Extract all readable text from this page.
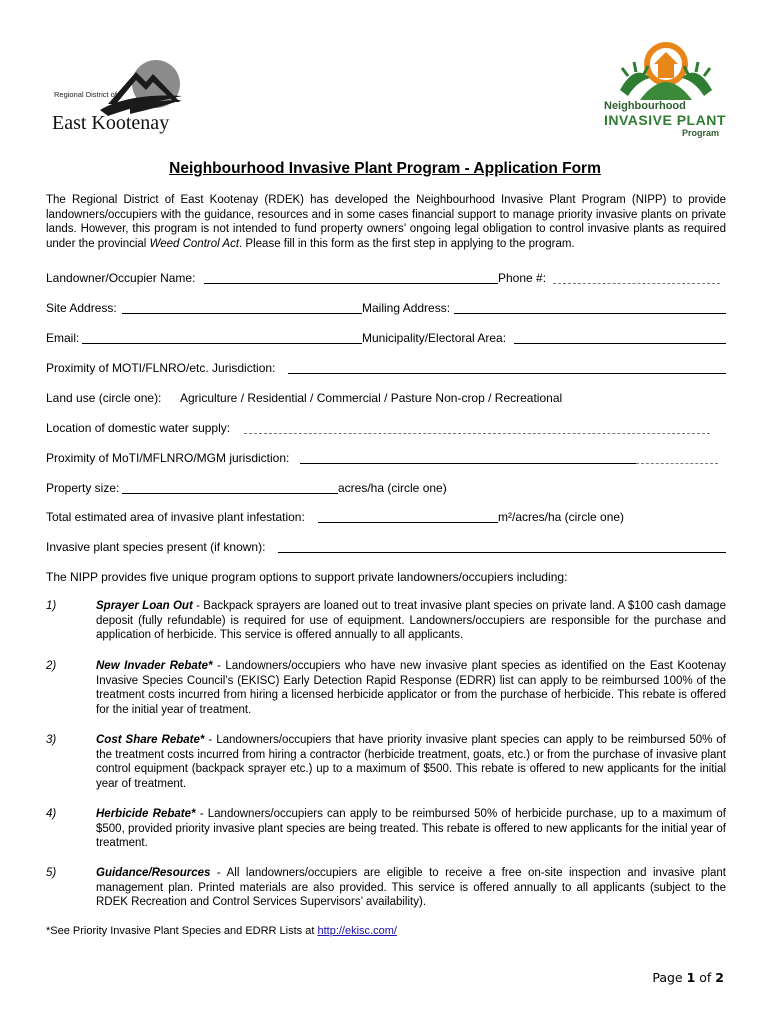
Regional District of
East Kootenay
Neighbourhood
INVASIVE PLANT
Program
Neighbourhood Invasive Plant Program - Application Form
The Regional District of East Kootenay (RDEK) has developed the Neighbourhood Invasive Plant Program (NIPP) to provide landowners/occupiers with the guidance, resources and in some cases financial support to manage priority invasive plants on private lands. However, this program is not intended to fund property owners’ ongoing legal obligation to control invasive plants as required under the provincial Weed Control Act. Please fill in this form as the first step in applying to the program.
Landowner/Occupier Name:	Phone #:
Site Address:	Mailing Address:
Email:	Municipality/Electoral Area:
Proximity of MOTI/FLNRO/etc. Jurisdiction:
Land use (circle one): Agriculture / Residential / Commercial / Pasture Non-crop / Recreational
Location of domestic water supply:
Proximity of MoTI/MFLNRO/MGM jurisdiction:
Property size:	acres/ha (circle one)
Total estimated area of invasive plant infestation:	m²/acres/ha (circle one)
Invasive plant species present (if known):
The NIPP provides five unique program options to support private landowners/occupiers including:
1)	Sprayer Loan Out - Backpack sprayers are loaned out to treat invasive plant species on private land. A $100 cash damage deposit (fully refundable) is required for use of equipment. Landowners/occupiers are responsible for the purchase and application of herbicide. This service is offered annually to all applicants.
2)	New Invader Rebate* - Landowners/occupiers who have new invasive plant species as identified on the East Kootenay Invasive Species Council’s (EKISC) Early Detection Rapid Response (EDRR) list can apply to be reimbursed 100% of the treatment costs incurred from hiring a licensed herbicide applicator or from the purchase of herbicide. This rebate is offered for the initial year of treatment.
3)	Cost Share Rebate* - Landowners/occupiers that have priority invasive plant species can apply to be reimbursed 50% of the treatment costs incurred from hiring a contractor (herbicide treatment, goats, etc.) or from the purchase of invasive plant control equipment (backpack sprayer etc.) up to a maximum of $500. This rebate is offered to new applicants for the initial year of treatment.
4)	Herbicide Rebate* - Landowners/occupiers can apply to be reimbursed 50% of herbicide purchase, up to a maximum of $500, provided priority invasive plant species are being treated. This rebate is offered to new applicants for the initial year of treatment.
5)	Guidance/Resources - All landowners/occupiers are eligible to receive a free on-site inspection and invasive plant management plan. Printed materials are also provided. This service is offered annually to all applicants (subject to the RDEK Recreation and Control Services Supervisors’ availability).
*See Priority Invasive Plant Species and EDRR Lists at http://ekisc.com/
Page 1 of 2
